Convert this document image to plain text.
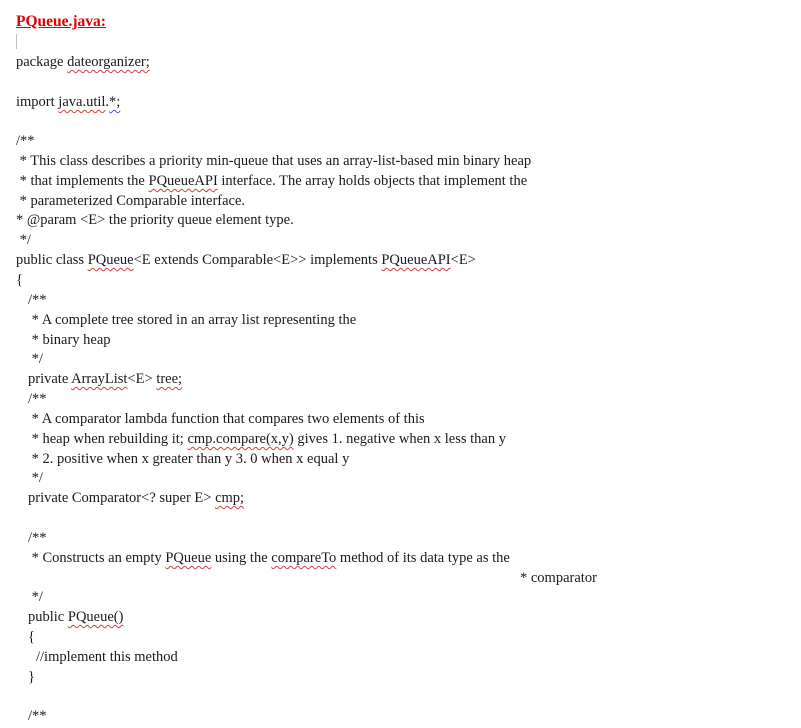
PQueue.java:
package dateorganizer;
import java.util.*;
/**
* This class describes a priority min-queue that uses an array-list-based min binary heap
* that implements the PQueueAPI interface. The array holds objects that implement the
* parameterized Comparable interface.
* @param <E> the priority queue element type.
*/
public class PQueue<E extends Comparable<E>> implements PQueueAPI<E>
{
/**
* A complete tree stored in an array list representing the
* binary heap
*/
private ArrayList<E> tree;
/**
* A comparator lambda function that compares two elements of this
* heap when rebuilding it; cmp.compare(x,y) gives 1. negative when x less than y
* 2. positive when x greater than y 3. 0 when x equal y
*/
private Comparator<? super E> cmp;
/**
* Constructs an empty PQueue using the compareTo method of its data type as the
* comparator
*/
public PQueue()
{
//implement this method
}
/**
